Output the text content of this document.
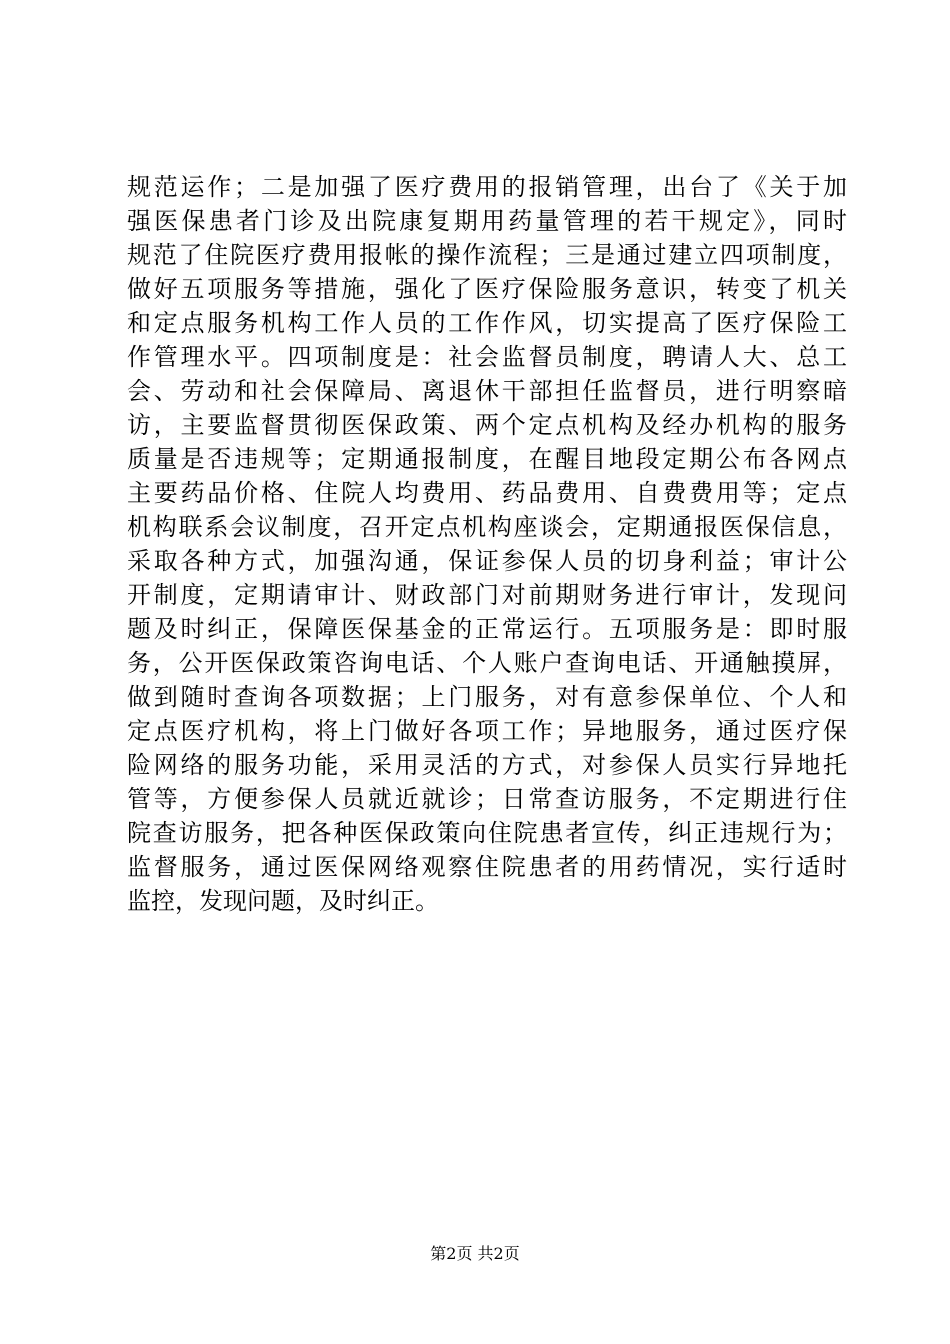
规范运作；二是加强了医疗费用的报销管理，出台了《关于加
强医保患者门诊及出院康复期用药量管理的若干规定》，同时
规范了住院医疗费用报帐的操作流程；三是通过建立四项制度，
做好五项服务等措施，强化了医疗保险服务意识，转变了机关
和定点服务机构工作人员的工作作风，切实提高了医疗保险工
作管理水平。四项制度是：社会监督员制度，聘请人大、总工
会、劳动和社会保障局、离退休干部担任监督员，进行明察暗
访，主要监督贯彻医保政策、两个定点机构及经办机构的服务
质量是否违规等；定期通报制度，在醒目地段定期公布各网点
主要药品价格、住院人均费用、药品费用、自费费用等；定点
机构联系会议制度，召开定点机构座谈会，定期通报医保信息，
采取各种方式，加强沟通，保证参保人员的切身利益；审计公
开制度，定期请审计、财政部门对前期财务进行审计，发现问
题及时纠正，保障医保基金的正常运行。五项服务是：即时服
务，公开医保政策咨询电话、个人账户查询电话、开通触摸屏，
做到随时查询各项数据；上门服务，对有意参保单位、个人和
定点医疗机构，将上门做好各项工作；异地服务，通过医疗保
险网络的服务功能，采用灵活的方式，对参保人员实行异地托
管等，方便参保人员就近就诊；日常查访服务，不定期进行住
院查访服务，把各种医保政策向住院患者宣传，纠正违规行为；
监督服务，通过医保网络观察住院患者的用药情况，实行适时
监控，发现问题，及时纠正。
第2页 共2页
